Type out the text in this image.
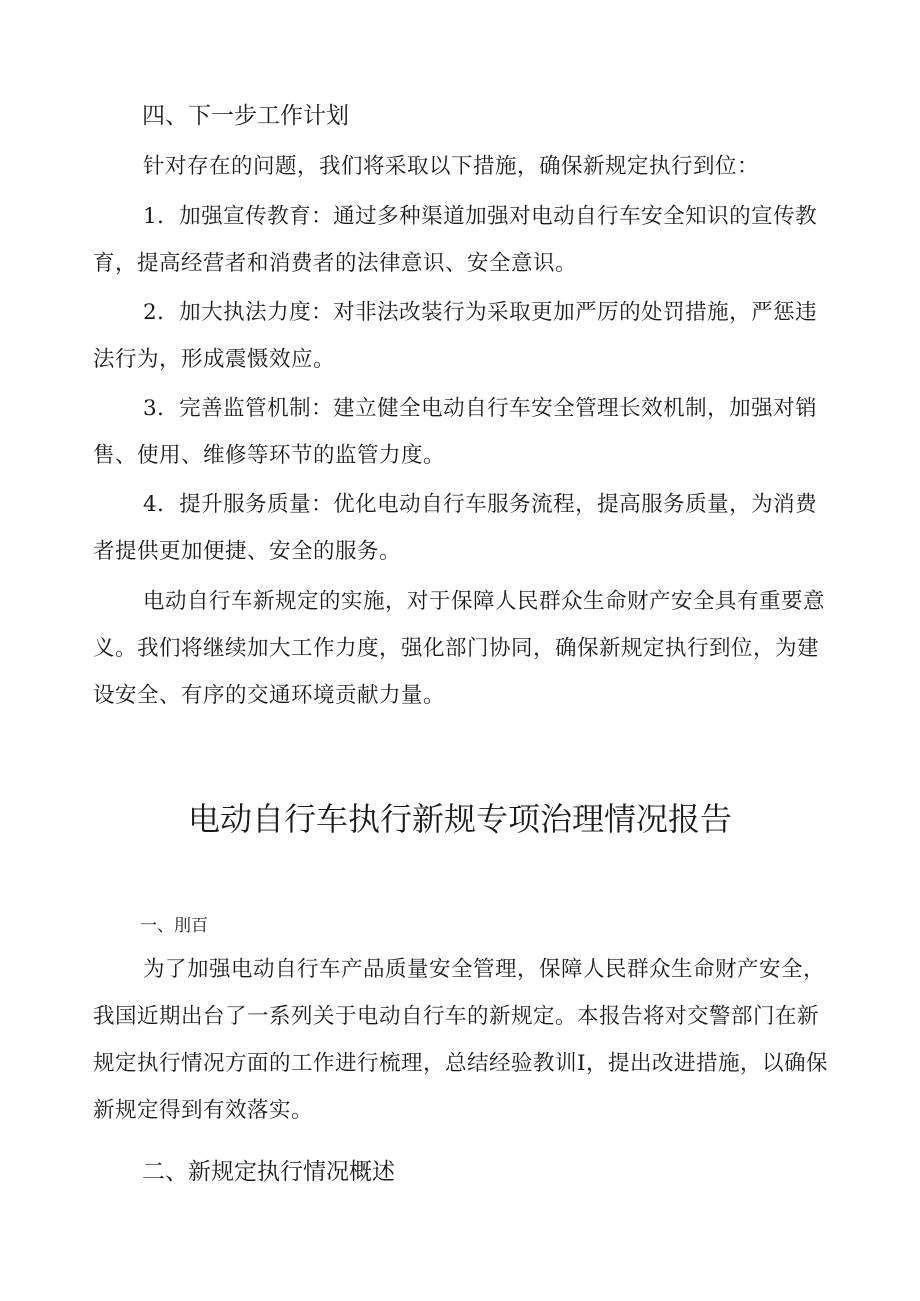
四、下一步工作计划
针对存在的问题，我们将采取以下措施，确保新规定执行到位：
1．加强宣传教育：通过多种渠道加强对电动自行车安全知识的宣传教育，提高经营者和消费者的法律意识、安全意识。
2．加大执法力度：对非法改装行为采取更加严厉的处罚措施，严惩违法行为，形成震慑效应。
3．完善监管机制：建立健全电动自行车安全管理长效机制，加强对销售、使用、维修等环节的监管力度。
4．提升服务质量：优化电动自行车服务流程，提高服务质量，为消费者提供更加便捷、安全的服务。
电动自行车新规定的实施，对于保障人民群众生命财产安全具有重要意义。我们将继续加大工作力度，强化部门协同，确保新规定执行到位，为建设安全、有序的交通环境贡献力量。
电动自行车执行新规专项治理情况报告
一、刖百
为了加强电动自行车产品质量安全管理，保障人民群众生命财产安全，我国近期出台了一系列关于电动自行车的新规定。本报告将对交警部门在新规定执行情况方面的工作进行梳理，总结经验教训I，提出改进措施，以确保新规定得到有效落实。
二、新规定执行情况概述
